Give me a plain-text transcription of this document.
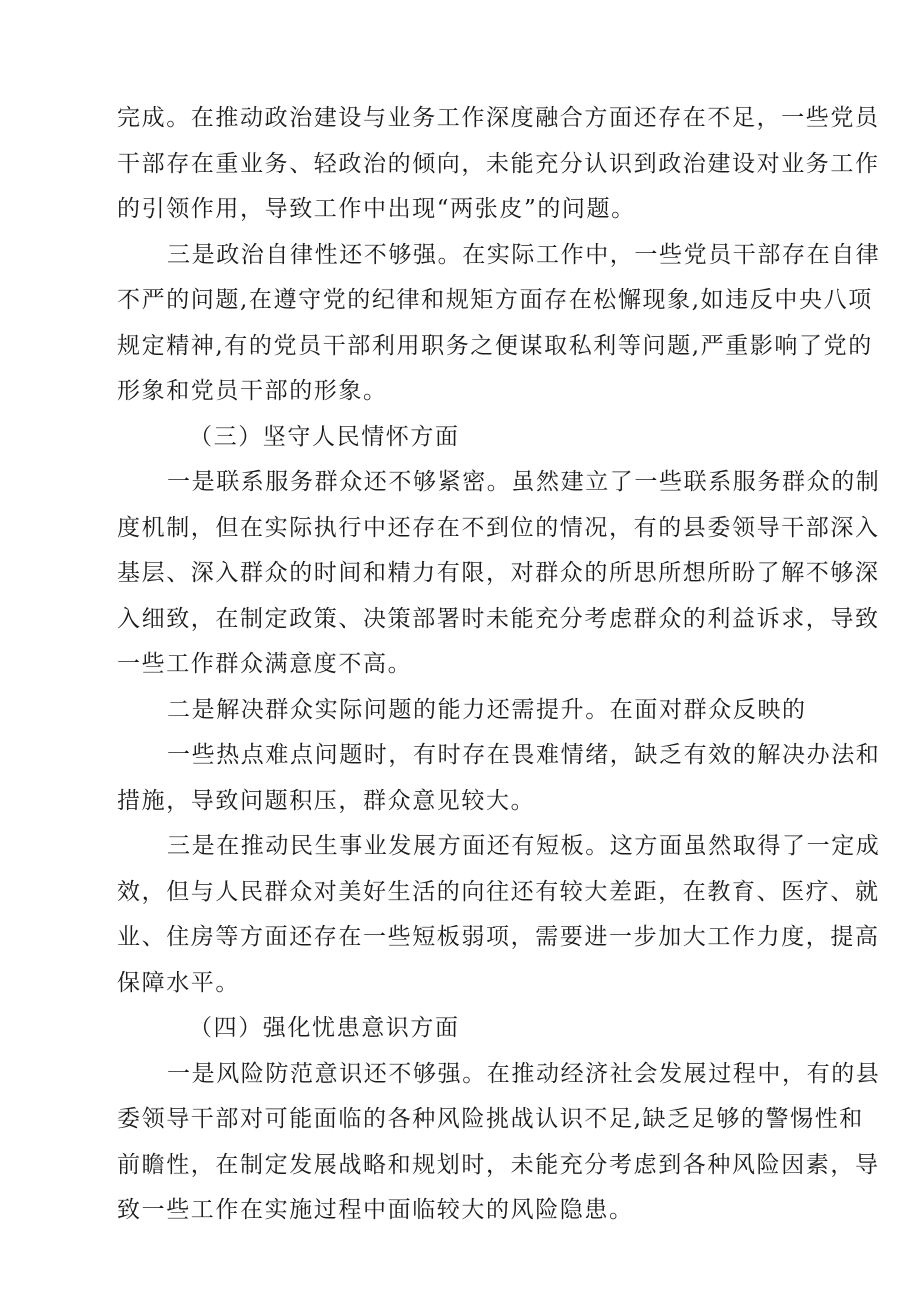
完成。在推动政治建设与业务工作深度融合方面还存在不足，一些党员
干部存在重业务、轻政治的倾向，未能充分认识到政治建设对业务工作
的引领作用，导致工作中出现“两张皮”的问题。
三是政治自律性还不够强。在实际工作中，一些党员干部存在自律
不严的问题,在遵守党的纪律和规矩方面存在松懈现象,如违反中央八项
规定精神,有的党员干部利用职务之便谋取私利等问题,严重影响了党的
形象和党员干部的形象。
（三）坚守人民情怀方面
一是联系服务群众还不够紧密。虽然建立了一些联系服务群众的制
度机制，但在实际执行中还存在不到位的情况，有的县委领导干部深入
基层、深入群众的时间和精力有限，对群众的所思所想所盼了解不够深
入细致，在制定政策、决策部署时未能充分考虑群众的利益诉求，导致
一些工作群众满意度不高。
二是解决群众实际问题的能力还需提升。在面对群众反映的
一些热点难点问题时，有时存在畏难情绪，缺乏有效的解决办法和
措施，导致问题积压，群众意见较大。
三是在推动民生事业发展方面还有短板。这方面虽然取得了一定成
效，但与人民群众对美好生活的向往还有较大差距，在教育、医疗、就
业、住房等方面还存在一些短板弱项，需要进一步加大工作力度，提高
保障水平。
（四）强化忧患意识方面
一是风险防范意识还不够强。在推动经济社会发展过程中，有的县
委领导干部对可能面临的各种风险挑战认识不足,缺乏足够的警惕性和
前瞻性，在制定发展战略和规划时，未能充分考虑到各种风险因素，导
致一些工作在实施过程中面临较大的风险隐患。
